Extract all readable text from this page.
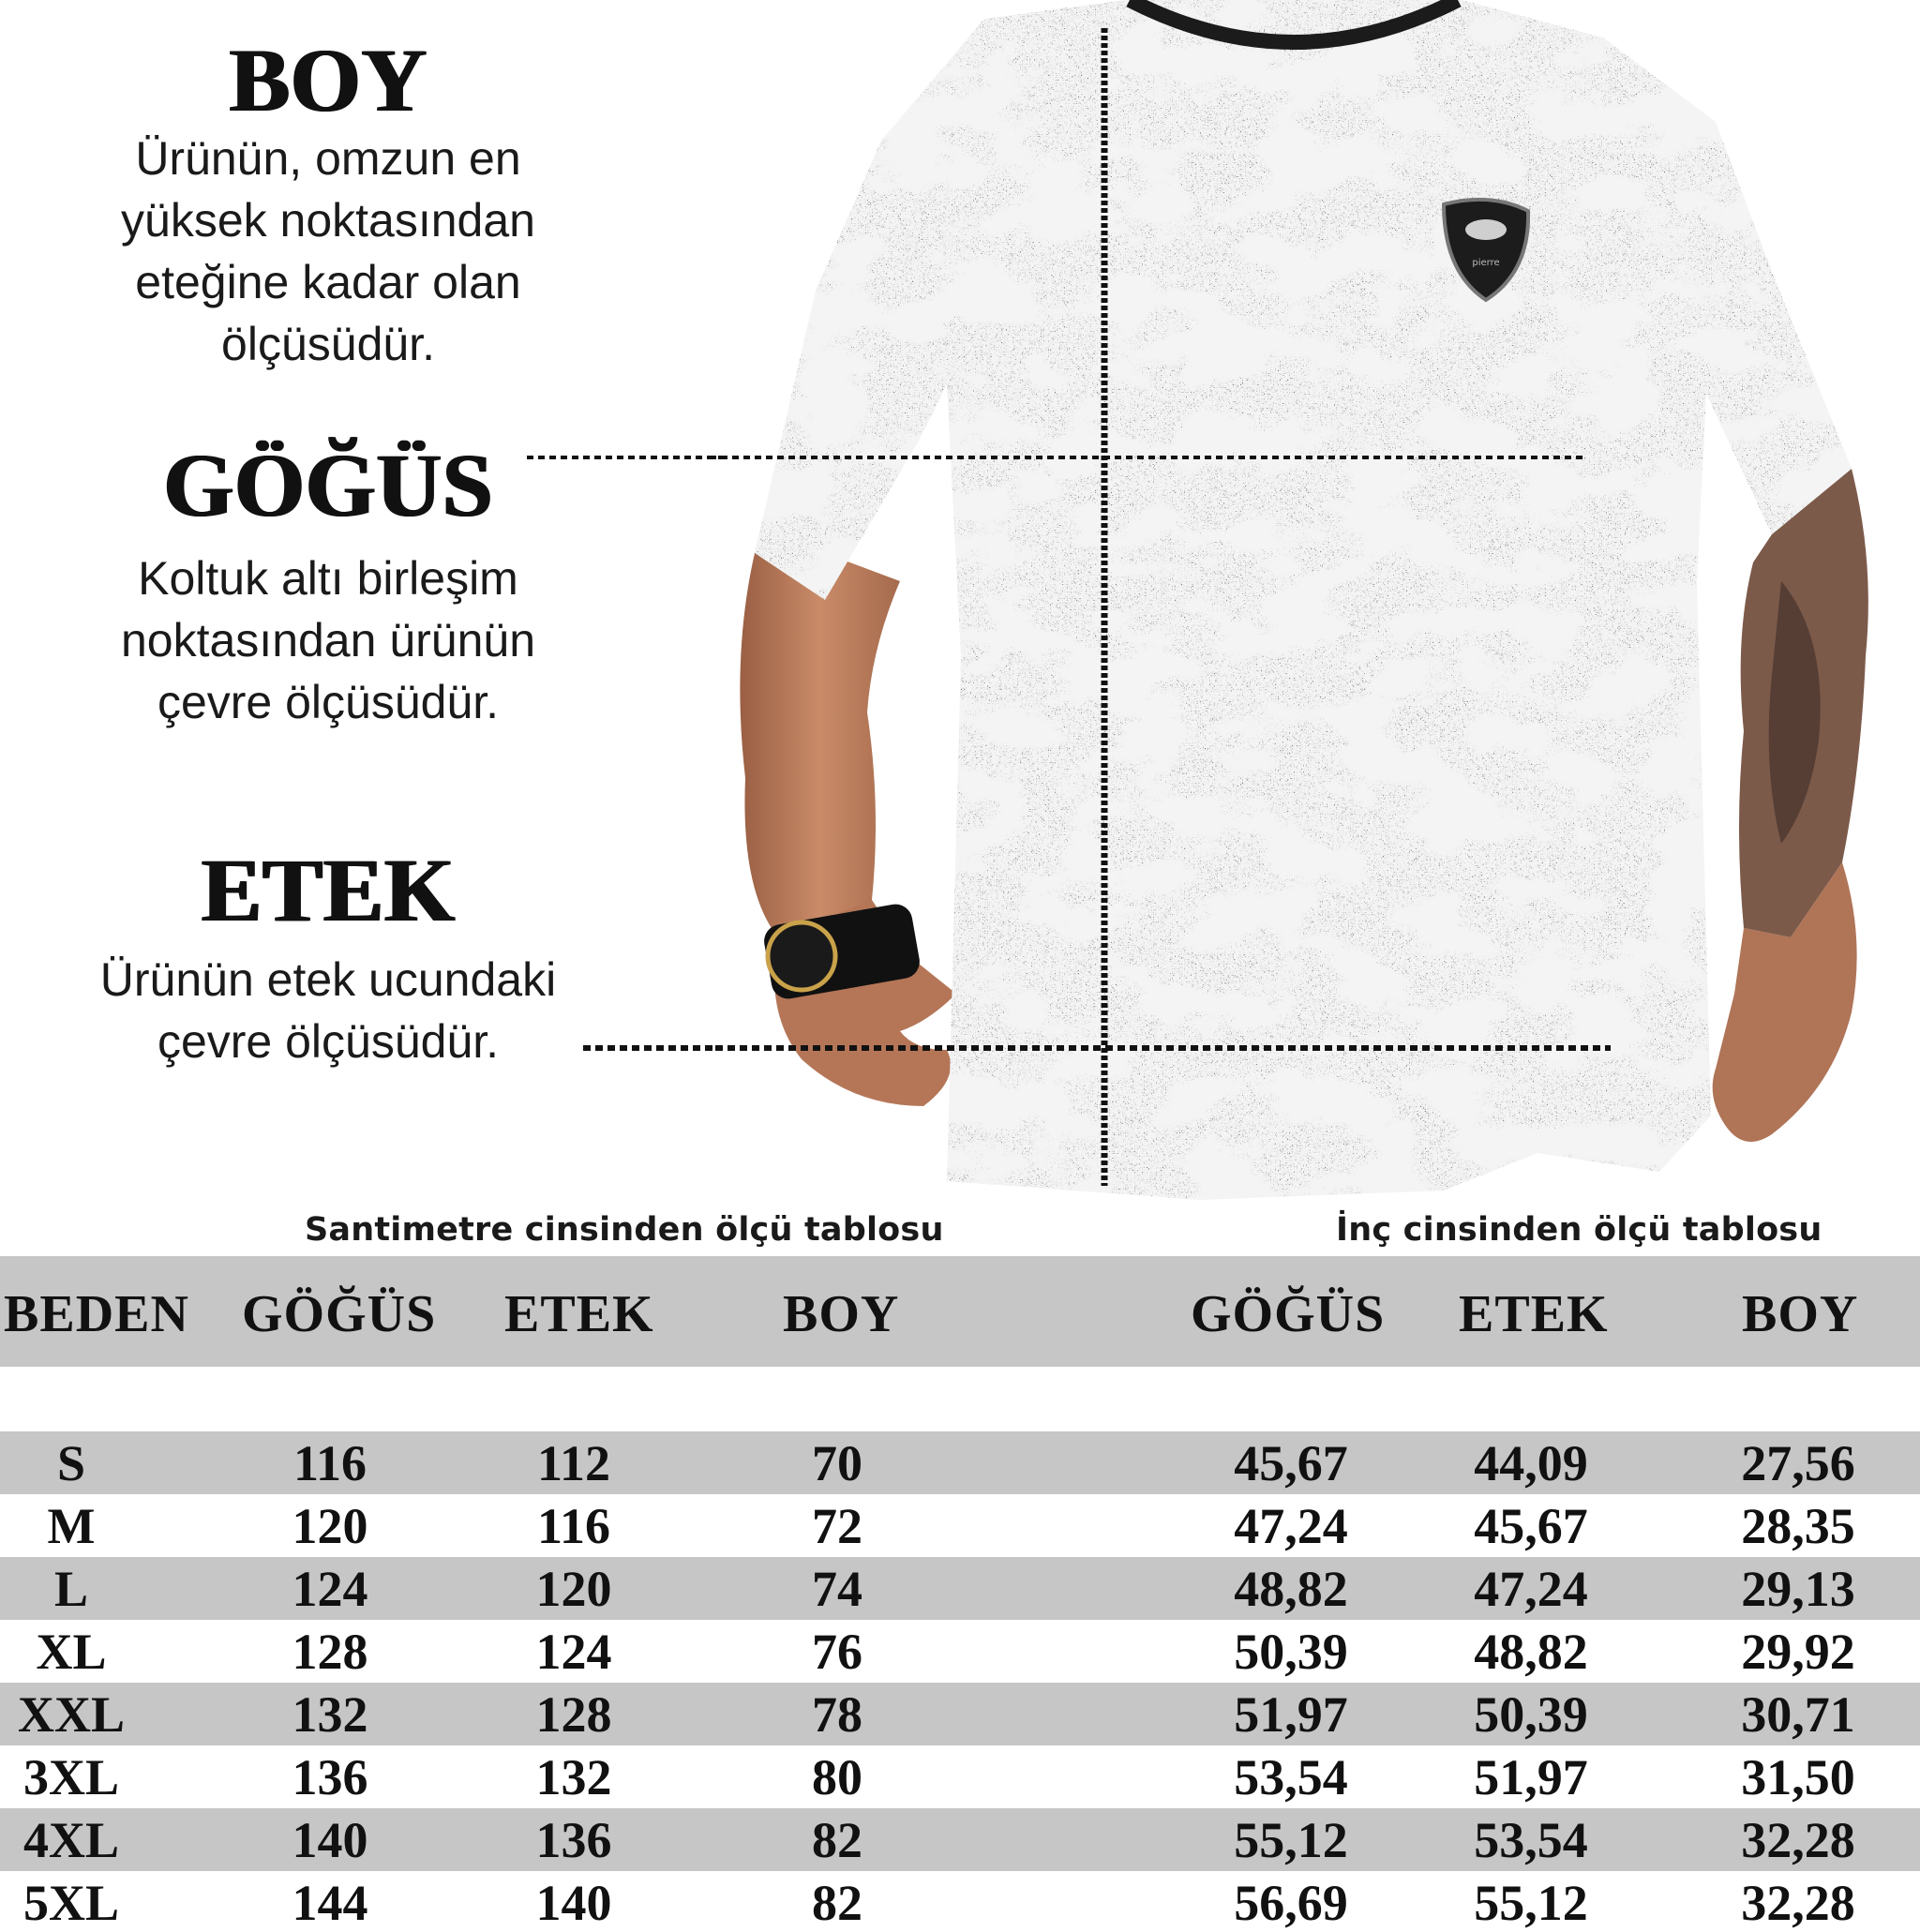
BOY
Ürünün, omzun en
yüksek noktasından
eteğine kadar olan
ölçüsüdür.
GÖĞÜS
Koltuk altı birleşim
noktasından ürünün
çevre ölçüsüdür.
ETEK
Ürünün etek ucundaki
çevre ölçüsüdür.
pierre
Santimetre cinsinden ölçü tablosu	İnç cinsinden ölçü tablosu
BEDEN GÖĞÜS ETEK BOY	GÖĞÜS ETEK	BOY
S	116	112	70	45,67	44,09	27,56
M	120	116	72	47,24	45,67	28,35
L	124	120	74	48,82	47,24	29,13
XL	128	124	76	50,39	48,82	29,92
XXL	132	128	78	51,97	50,39	30,71
3XL	136	132	80	53,54	51,97	31,50
4XL	140	136	82	55,12	53,54	32,28
5XL	144	140	82	56,69	55,12	32,28
